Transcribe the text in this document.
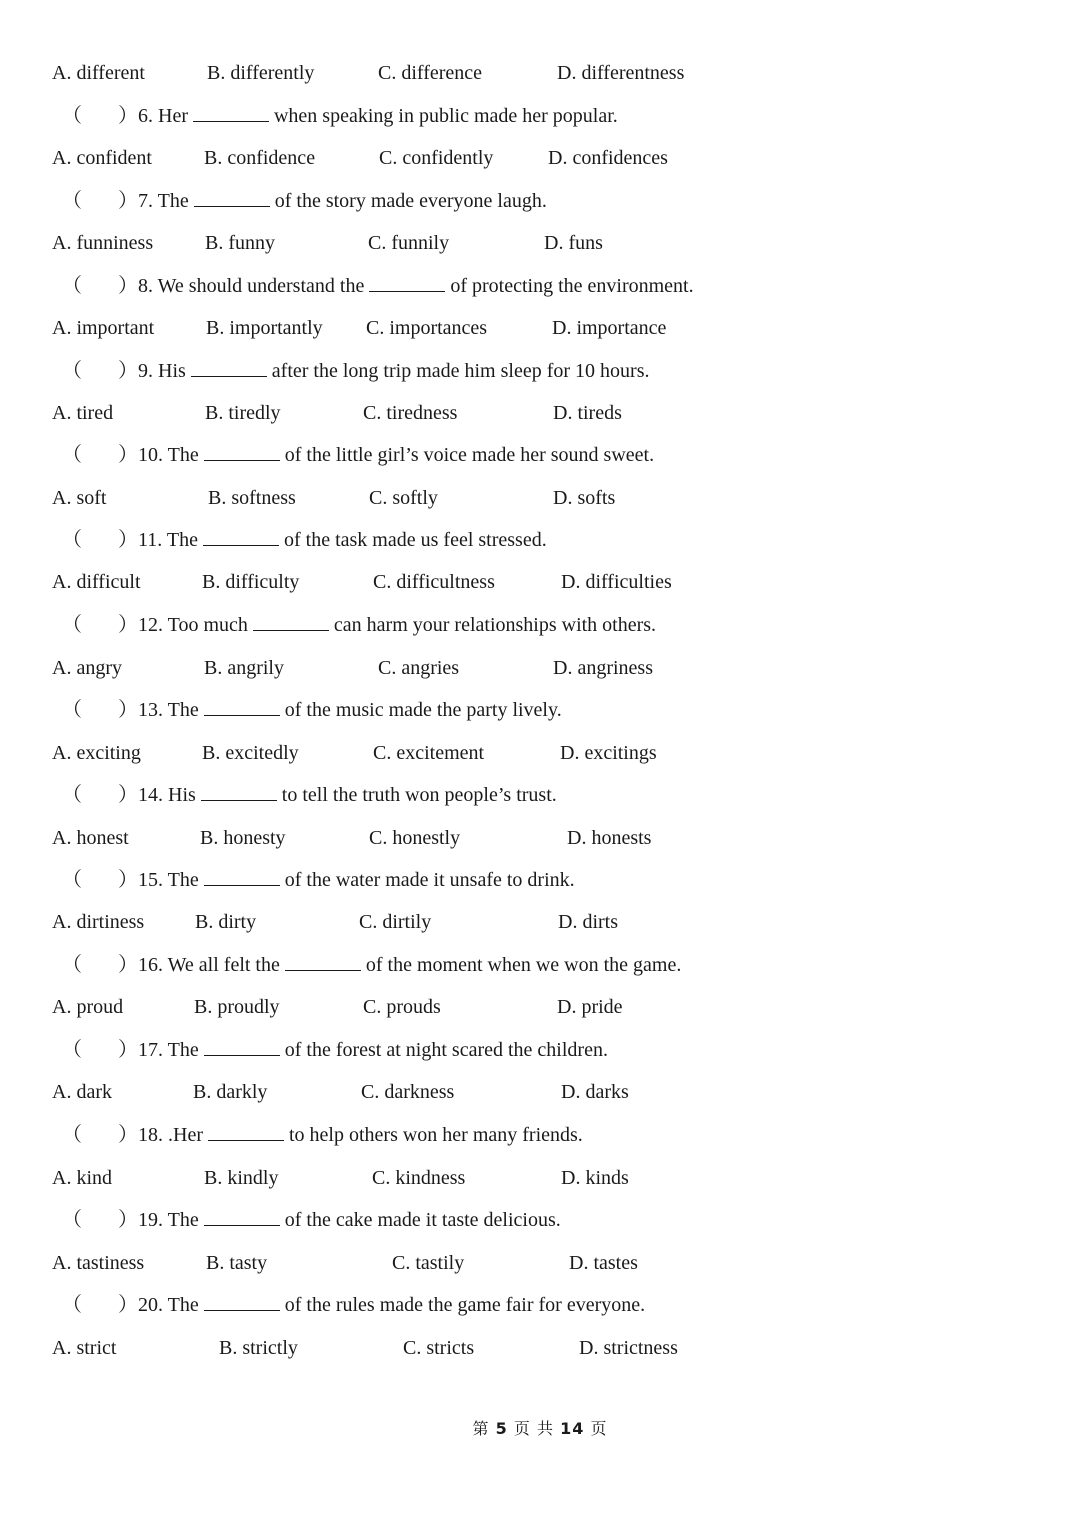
A. different	B. differently	C. difference	D. differentness
（ ） 6. Her	when speaking in public made her popular.
A. confident	B. confidence	C. confidently	D. confidences
（ ） 7. The	of the story made everyone laugh.
A. funniness	B. funny	C. funnily	D. funs
（ ） 8. We should understand the	of protecting the environment.
A. important	B. importantly C. importances	D. importance
（ ） 9. His	after the long trip made him sleep for 10 hours.
A. tired	B. tiredly	C. tiredness	D. tireds
（ ） 10. The	of the little girl’s voice made her sound sweet.
A. soft	B. softness	C. softly	D. softs
（ ） 11. The	of the task made us feel stressed.
A. difficult	B. difficulty	C. difficultness	D. difficulties
（ ） 12. Too much	can harm your relationships with others.
A. angry	B. angrily	C. angries	D. angriness
（ ） 13. The	of the music made the party lively.
A. exciting	B. excitedly	C. excitement	D. excitings
（ ） 14. His	to tell the truth won people’s trust.
A. honest	B. honesty	C. honestly	D. honests
（ ） 15. The	of the water made it unsafe to drink.
A. dirtiness	B. dirty	C. dirtily	D. dirts
（ ） 16. We all felt the	of the moment when we won the game.
A. proud	B. proudly	C. prouds	D. pride
（ ） 17. The	of the forest at night scared the children.
A. dark	B. darkly	C. darkness	D. darks
（ ） 18. .Her	to help others won her many friends.
A. kind	B. kindly	C. kindness	D. kinds
（ ） 19. The	of the cake made it taste delicious.
A. tastiness	B. tasty	C. tastily	D. tastes
（ ） 20. The	of the rules made the game fair for everyone.
A. strict	B. strictly	C. stricts	D. strictness
第 5 页 共 14 页
